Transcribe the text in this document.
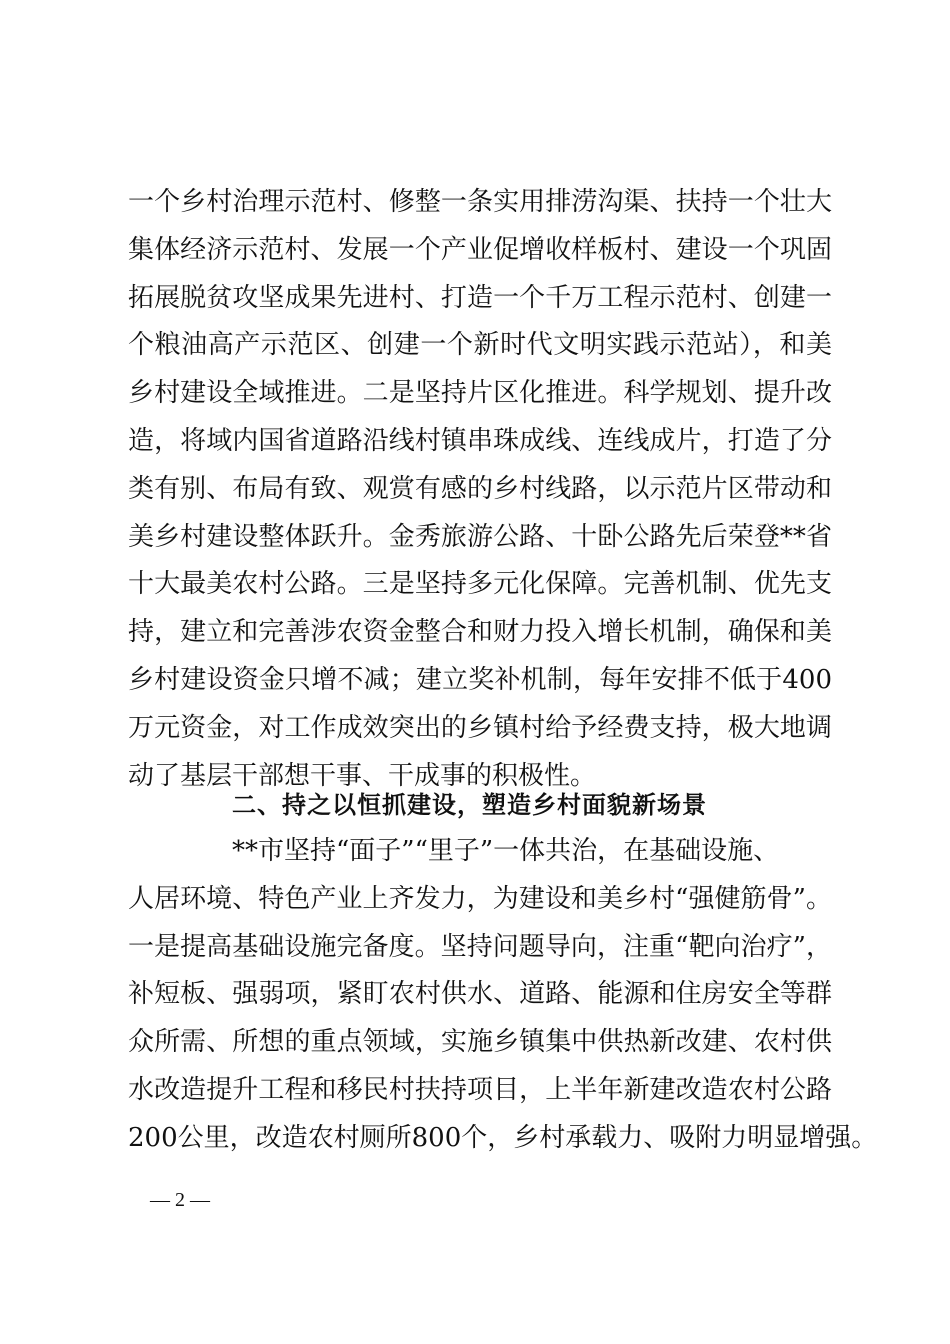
一个乡村治理示范村、修整一条实用排涝沟渠、扶持一个壮大
集体经济示范村、发展一个产业促增收样板村、建设一个巩固
拓展脱贫攻坚成果先进村、打造一个千万工程示范村、创建一
个粮油高产示范区、创建一个新时代文明实践示范站），和美
乡村建设全域推进。二是坚持片区化推进。科学规划、提升改
造，将域内国省道路沿线村镇串珠成线、连线成片，打造了分
类有别、布局有致、观赏有感的乡村线路，以示范片区带动和
美乡村建设整体跃升。金秀旅游公路、十卧公路先后荣登**省
十大最美农村公路。三是坚持多元化保障。完善机制、优先支
持，建立和完善涉农资金整合和财力投入增长机制，确保和美
乡村建设资金只增不减；建立奖补机制，每年安排不低于400
万元资金，对工作成效突出的乡镇村给予经费支持，极大地调
动了基层干部想干事、干成事的积极性。
二、持之以恒抓建设，塑造乡村面貌新场景
**市坚持“面子”“里子”一体共治，在基础设施、
人居环境、特色产业上齐发力，为建设和美乡村“强健筋骨”。
一是提高基础设施完备度。坚持问题导向，注重“靶向治疗”，
补短板、强弱项，紧盯农村供水、道路、能源和住房安全等群
众所需、所想的重点领域，实施乡镇集中供热新改建、农村供
水改造提升工程和移民村扶持项目，上半年新建改造农村公路
200公里，改造农村厕所800个，乡村承载力、吸附力明显增强。
— 2 —
